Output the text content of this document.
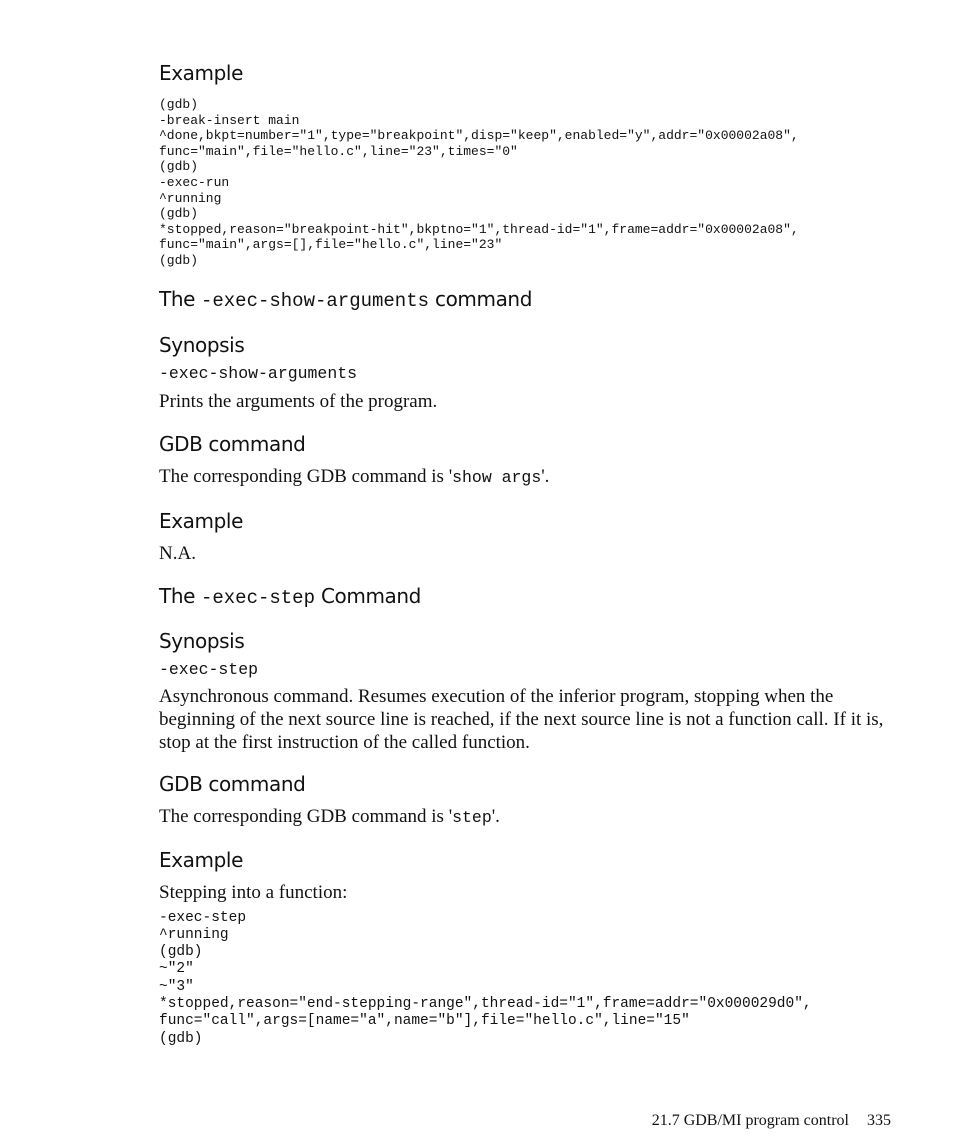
Example
(gdb)
-break-insert main
^done,bkpt=number="1",type="breakpoint",disp="keep",enabled="y",addr="0x00002a08",
func="main",file="hello.c",line="23",times="0"
(gdb)
-exec-run
^running
(gdb)
*stopped,reason="breakpoint-hit",bkptno="1",thread-id="1",frame=addr="0x00002a08",
func="main",args=[],file="hello.c",line="23"
(gdb)
The -exec-show-arguments command
Synopsis
-exec-show-arguments

Prints the arguments of the program.

GDB command

The corresponding GDB command is 'show args'.

Example

N.A.

The -exec-step Command
Synopsis
-exec-step

Asynchronous command. Resumes execution of the inferior program, stopping when the beginning of the next source line is reached, if the next source line is not a function call. If it is, stop at the first instruction of the called function.

GDB command

The corresponding GDB command is 'step'.

Example

Stepping into a function:

-exec-step
^running
(gdb)
~"2"
~"3"
*stopped,reason="end-stepping-range",thread-id="1",frame=addr="0x000029d0",
func="call",args=[name="a",name="b"],file="hello.c",line="15"
(gdb)
21.7 GDB/MI program control 335
